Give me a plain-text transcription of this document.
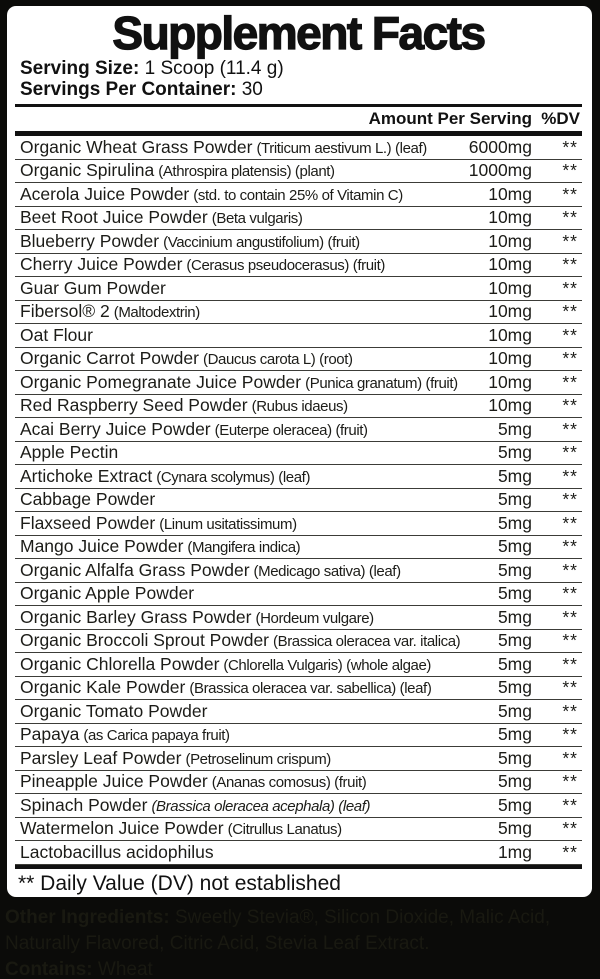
Supplement Facts
Serving Size: 1 Scoop (11.4 g)
Servings Per Container: 30
Amount Per Serving %DV
Organic Wheat Grass Powder (Triticum aestivum L.) (leaf)	6000mg	**
Organic Spirulina (Athrospira platensis) (plant)	1000mg	**
Acerola Juice Powder (std. to contain 25% of Vitamin C)	10mg	**
Beet Root Juice Powder (Beta vulgaris)	10mg	**
Blueberry Powder (Vaccinium angustifolium) (fruit)	10mg	**
Cherry Juice Powder (Cerasus pseudocerasus) (fruit)	10mg	**
Guar Gum Powder	10mg	**
Fibersol® 2 (Maltodextrin)	10mg	**
Oat Flour	10mg	**
Organic Carrot Powder (Daucus carota L) (root)	10mg	**
Organic Pomegranate Juice Powder (Punica granatum) (fruit)	10mg	**
Red Raspberry Seed Powder (Rubus idaeus)	10mg	**
Acai Berry Juice Powder (Euterpe oleracea) (fruit)	5mg	**
Apple Pectin	5mg	**
Artichoke Extract (Cynara scolymus) (leaf)	5mg	**
Cabbage Powder	5mg	**
Flaxseed Powder (Linum usitatissimum)	5mg	**
Mango Juice Powder (Mangifera indica)	5mg	**
Organic Alfalfa Grass Powder (Medicago sativa) (leaf)	5mg	**
Organic Apple Powder	5mg	**
Organic Barley Grass Powder (Hordeum vulgare)	5mg	**
Organic Broccoli Sprout Powder (Brassica oleracea var. italica)	5mg	**
Organic Chlorella Powder (Chlorella Vulgaris) (whole algae)	5mg	**
Organic Kale Powder (Brassica oleracea var. sabellica) (leaf)	5mg	**
Organic Tomato Powder	5mg	**
Papaya (as Carica papaya fruit)	5mg	**
Parsley Leaf Powder (Petroselinum crispum)	5mg	**
Pineapple Juice Powder (Ananas comosus) (fruit)	5mg	**
Spinach Powder (Brassica oleracea acephala) (leaf)	5mg	**
Watermelon Juice Powder (Citrullus Lanatus)	5mg	**
Lactobacillus acidophilus	1mg	**
** Daily Value (DV) not established

Other Ingredients: Sweetly Stevia®, Silicon Dioxide, Malic Acid, Naturally Flavored, Citric Acid, Stevia Leaf Extract.

Contains: Wheat
